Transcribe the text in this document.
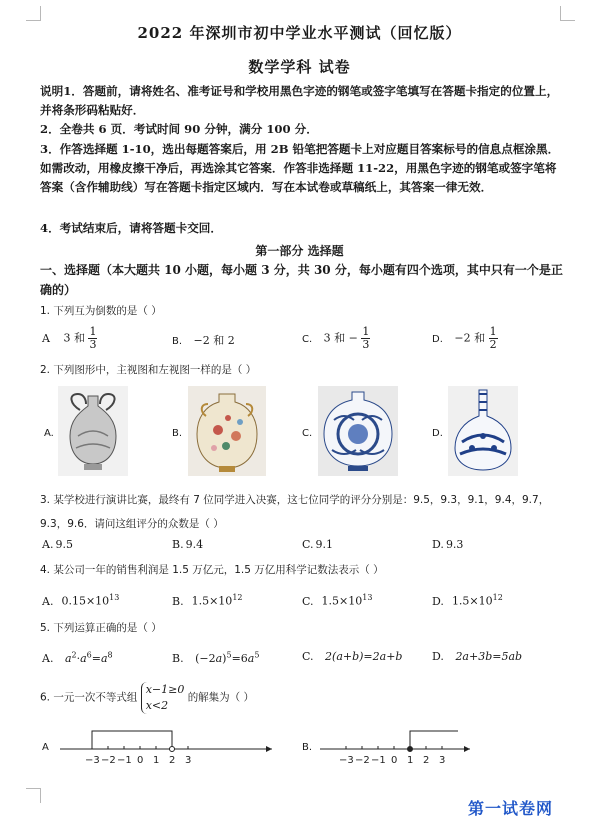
2022 年深圳市初中学业水平测试（回忆版）
数学学科 试卷
说明1．答题前，请将姓名、准考证号和学校用黑色字迹的钢笔或签字笔填写在答题卡指定的位置上，并将条形码粘贴好．
2．全卷共 6 页．考试时间 90 分钟，满分 100 分．
3．作答选择题 1-10，选出每题答案后，用 2B 铅笔把答题卡上对应题目答案标号的信息点框涂黑．如需改动，用橡皮擦干净后，再选涂其它答案．作答非选择题 11-22，用黑色字迹的钢笔或签字笔将答案（含作辅助线）写在答题卡指定区域内．写在本试卷或草稿纸上，其答案一律无效．
4．考试结束后，请将答题卡交回．
第一部分 选择题
一、选择题（本大题共 10 小题，每小题 3 分，共 30 分，每小题有四个选项，其中只有一个是正确的）
1. 下列互为倒数的是（ ）
A 3 和 $\frac{1}{3}$	B. −2 和 2	C. 3 和 − $\frac{1}{3}$	D. −2 和 $\frac{1}{2}$
2. 下列图形中，主视图和左视图一样的是（ ）
A.	B.	C.	D.
3. 某学校进行演讲比赛，最终有 7 位同学进入决赛，这七位同学的评分分别是：9.5，9.3，9.1，9.4，9.7，9.3，9.6．请问这组评分的众数是（ ）
A. 9.5	B. 9.4	C. 9.1	D. 9.3
4. 某公司一年的销售利润是 1.5 万亿元，1.5 万亿用科学记数法表示（ ）
A. $0.15\times 10^{13}$	B. $1.5\times 10^{12}$	C. $1.5\times 10^{13}$	D. $1.5\times 10^{12}$
5. 下列运算正确的是（ ）
A. $a^2\cdot a^6=a^8$	B. $(-2a)^5=6a^5$	C. 2(a+b)=2a+b	D. 2a+3b=5ab
6. 一元一次不等式组
x−1≥0
x<2
的解集为（ ）
A
−3 −2 −1 0 1 2 3
B.
−3 −2 −1 0 1 2 3
第一试卷网
